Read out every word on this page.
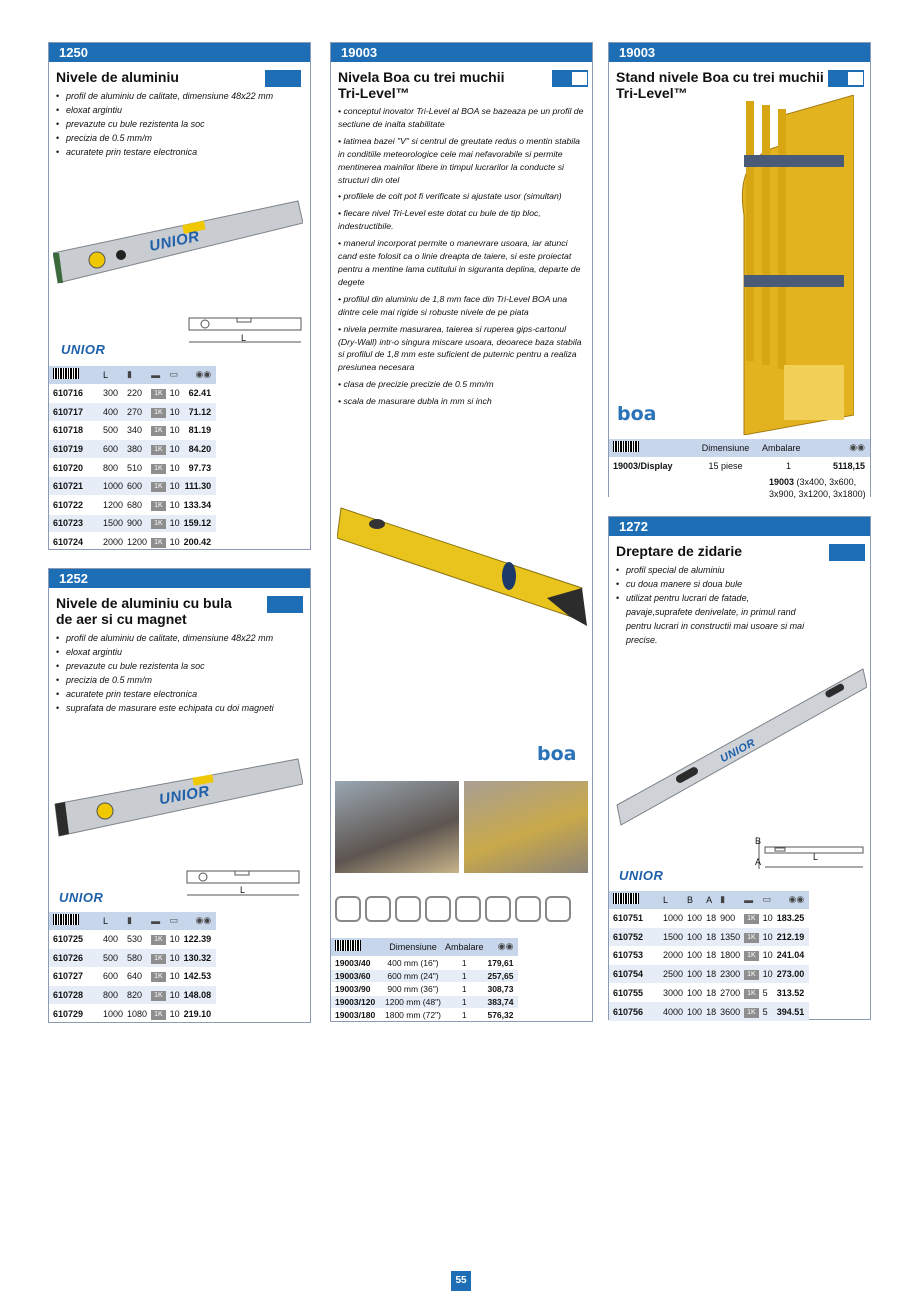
1250
Nivele de aluminiu
• profil de aluminiu de calitate, dimensiune 48x22 mm
• eloxat argintiu
• prevazute cu bule rezistenta la soc
• precizia de 0.5 mm/m
• acuratete prin testare electronica
UNIOR
L
UNIOR
	L	▮	▬	▭	◉◉
610716	300	220	1K	10	62.41
610717	400	270	1K	10	71.12
610718	500	340	1K	10	81.19
610719	600	380	1K	10	84.20
610720	800	510	1K	10	97.73
610721	1000	600	1K	10	111.30
610722	1200	680	1K	10	133.34
610723	1500	900	1K	10	159.12
610724	2000	1200	1K	10	200.42
1252
Nivele de aluminiu cu bula de aer si cu magnet
• profil de aluminiu de calitate, dimensiune 48x22 mm
• eloxat argintiu
• prevazute cu bule rezistenta la soc
• precizia de 0.5 mm/m
• acuratete prin testare electronica
• suprafata de masurare este echipata cu doi magneti
UNIOR
L
UNIOR
	L	▮	▬	▭	◉◉
610725	400	530	1K	10	122.39
610726	500	580	1K	10	130.32
610727	600	640	1K	10	142.53
610728	800	820	1K	10	148.08
610729	1000	1080	1K	10	219.10
19003
Nivela Boa cu trei muchii Tri-Level™
• conceptul inovator Tri-Level al BOA se bazeaza pe un profil de sectiune de inalta stabilitate
• latimea bazei "V" si centrul de greutate redus o mentin stabila in conditiile meteorologice cele mai nefavorabile si permite mentinerea mainilor libere in timpul lucrarilor la conducte si structuri din otel
• profilele de colt pot fi verificate si ajustate usor (simultan)
• fiecare nivel Tri-Level este dotat cu bule de tip bloc, indestructibile.
• manerul incorporat permite o manevrare usoara, iar atunci cand este folosit ca o linie dreapta de taiere, si este proiectat pentru a mentine lama cutitului in siguranta deplina, departe de degete
• profilul din aluminiu de 1,8 mm face din Tri-Level BOA una dintre cele mai rigide si robuste nivele de pe piata
• nivela permite masurarea, taierea si ruperea gips-cartonul (Dry-Wall) intr-o singura miscare usoara, deoarece baza stabila si profilul de 1,8 mm este suficient de puternic pentru a realiza presiunea necesara
• clasa de precizie precizie de 0.5 mm/m
• scala de masurare dubla in mm si inch
boa
	Dimensiune	Ambalare	◉◉
19003/40	400 mm (16")	1	179,61
19003/60	600 mm (24")	1	257,65
19003/90	900 mm (36")	1	308,73
19003/120	1200 mm (48")	1	383,74
19003/180	1800 mm (72")	1	576,32
19003
Stand nivele Boa cu trei muchii Tri-Level™
boa
	Dimensiune	Ambalare	◉◉
19003/Display	15 piese	1	5118,15
	19003 (3x400, 3x600, 3x900, 3x1200, 3x1800)		
1272
Dreptare de zidarie
• profil special de aluminiu
• cu doua manere si doua bule
• utilizat pentru lucrari de fatade, pavaje,suprafete denivelate, in primul rand pentru lucrari in constructii mai usoare si mai precise.
UNIOR
B
A	L
UNIOR
	L	B	A	▮	▬	▭	◉◉
610751	1000	100	18	900	1K	10	183.25
610752	1500	100	18	1350	1K	10	212.19
610753	2000	100	18	1800	1K	10	241.04
610754	2500	100	18	2300	1K	10	273.00
610755	3000	100	18	2700	1K	5	313.52
610756	4000	100	18	3600	1K	5	394.51
55
